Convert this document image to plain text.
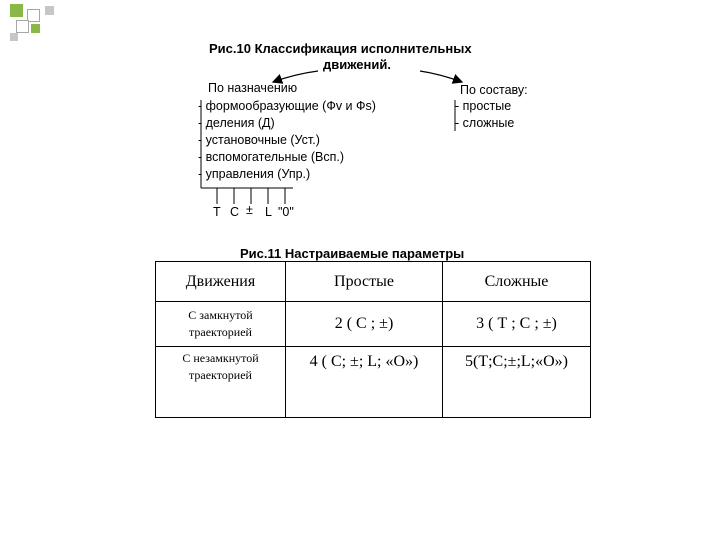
Рис.10 Классификация исполнительных
движений.
По назначению
- формообразующие (Фv и Фs)
- деления (Д)
- установочные (Уст.)
- вспомогательные (Всп.)
- управления (Упр.)
По составу:
- простые
- сложные
Т С ± L "0"
Рис.11 Настраиваемые параметры
Движения	Простые	Сложные

С замкнутой
траекторией	2 ( С ; ±)	3 ( Т ; С ; ±)

С незамкнутой
траекторией	4 ( С; ±; L; «О»)	5(Т;С;±;L;«О»)
